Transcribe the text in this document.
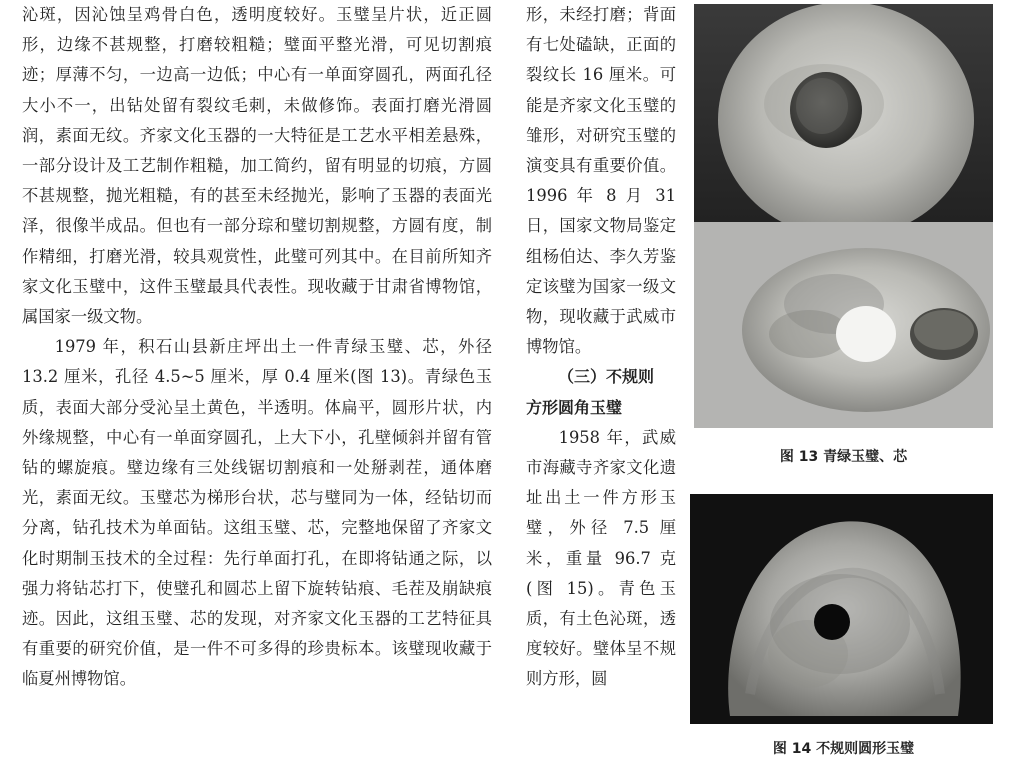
沁斑，因沁蚀呈鸡骨白色，透明度较好。玉璧呈片状，近正圆形，边缘不甚规整，打磨较粗糙；璧面平整光滑，可见切割痕迹；厚薄不匀，一边高一边低；中心有一单面穿圆孔，两面孔径大小不一，出钻处留有裂纹毛刺，未做修饰。表面打磨光滑圆润，素面无纹。齐家文化玉器的一大特征是工艺水平相差悬殊，一部分设计及工艺制作粗糙，加工简约，留有明显的切痕，方圆不甚规整，抛光粗糙，有的甚至未经抛光，影响了玉器的表面光泽，很像半成品。但也有一部分琮和璧切割规整，方圆有度，制作精细，打磨光滑，较具观赏性，此璧可列其中。在目前所知齐家文化玉璧中，这件玉璧最具代表性。现收藏于甘肃省博物馆，属国家一级文物。

1979 年，积石山县新庄坪出土一件青绿玉璧、芯，外径 13.2 厘米，孔径 4.5~5 厘米，厚 0.4 厘米(图 13)。青绿色玉质，表面大部分受沁呈土黄色，半透明。体扁平，圆形片状，内外缘规整，中心有一单面穿圆孔，上大下小，孔壁倾斜并留有管钻的螺旋痕。璧边缘有三处线锯切割痕和一处掰剥茬，通体磨光，素面无纹。玉璧芯为梯形台状，芯与璧同为一体，经钻切而分离，钻孔技术为单面钻。这组玉璧、芯，完整地保留了齐家文化时期制玉技术的全过程：先行单面打孔，在即将钻通之际，以强力将钻芯打下，使璧孔和圆芯上留下旋转钻痕、毛茬及崩缺痕迹。因此，这组玉璧、芯的发现，对齐家文化玉器的工艺特征具有重要的研究价值，是一件不可多得的珍贵标本。该璧现收藏于临夏州博物馆。

形，未经打磨；背面有七处磕缺，正面的裂纹长 16 厘米。可能是齐家文化玉璧的雏形，对研究玉璧的演变具有重要价值。1996 年 8 月 31 日，国家文物局鉴定组杨伯达、李久芳鉴定该璧为国家一级文物，现收藏于武威市博物馆。

（三）不规则

方形圆角玉璧

1958 年，武威市海藏寺齐家文化遗址出土一件方形玉璧，外径 7.5 厘米，重量 96.7 克(图 15)。青色玉质，有土色沁斑，透度较好。璧体呈不规则方形，圆

图 13 青绿玉璧、芯
图 14 不规则圆形玉璧
